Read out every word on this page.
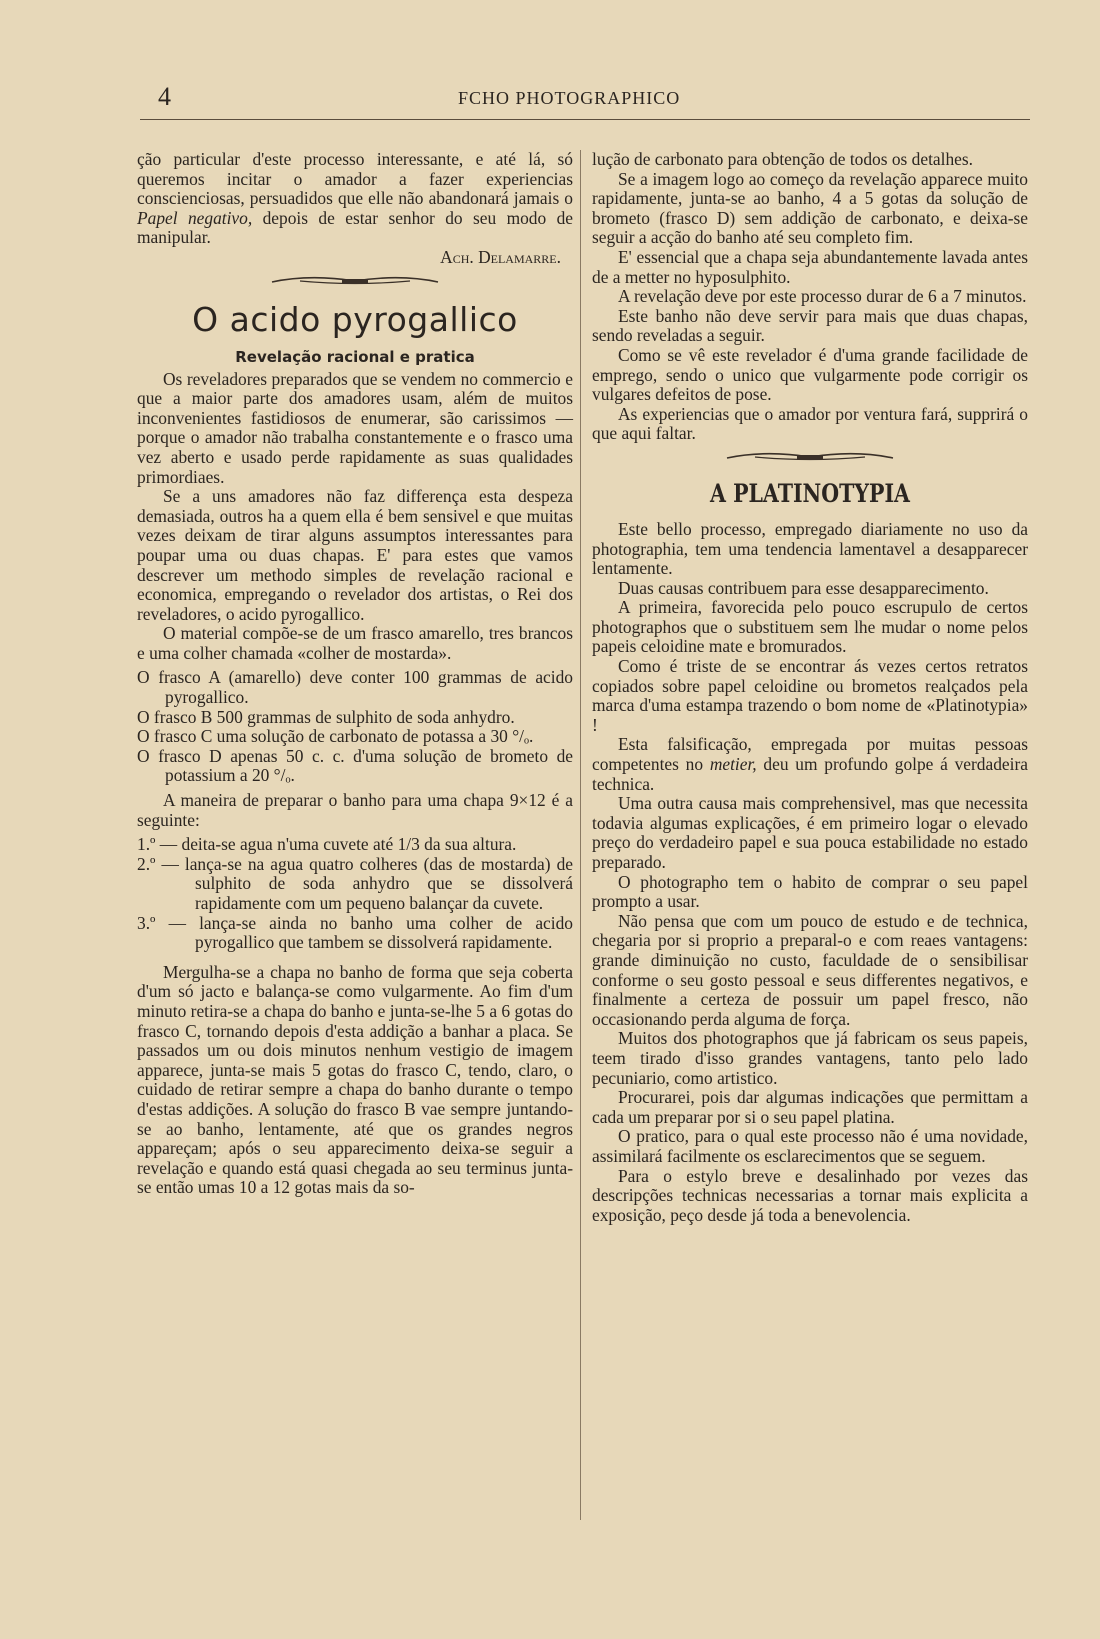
4	FCHO PHOTOGRAPHICO

ção particular d'este processo interessante, e até lá, só queremos incitar o amador a fazer experiencias conscienciosas, persuadidos que elle não abandonará jamais o Papel negativo, depois de estar senhor do seu modo de manipular.

Ach. Delamarre.

O acido pyrogallico
Revelação racional e pratica

Os reveladores preparados que se vendem no commercio e que a maior parte dos amadores usam, além de muitos inconvenientes fastidiosos de enumerar, são carissimos — porque o amador não trabalha constantemente e o frasco uma vez aberto e usado perde rapidamente as suas qualidades primordiaes.

Se a uns amadores não faz differença esta despeza demasiada, outros ha a quem ella é bem sensivel e que muitas vezes deixam de tirar alguns assumptos interessantes para poupar uma ou duas chapas. E' para estes que vamos descrever um methodo simples de revelação racional e economica, empregando o revelador dos artistas, o Rei dos reveladores, o acido pyrogallico.

O material compõe-se de um frasco amarello, tres brancos e uma colher chamada «colher de mostarda».

O frasco A (amarello) deve conter 100 grammas de acido pyrogallico.

O frasco B 500 grammas de sulphito de soda anhydro.

O frasco C uma solução de carbonato de potassa a 30 °/ₒ.

O frasco D apenas 50 c. c. d'uma solução de brometo de potassium a 20 °/ₒ.

A maneira de preparar o banho para uma chapa 9×12 é a seguinte:

1.º — deita-se agua n'uma cuvete até 1/3 da sua altura.

2.º — lança-se na agua quatro colheres (das de mostarda) de sulphito de soda anhydro que se dissolverá rapidamente com um pequeno balançar da cuvete.

3.º — lança-se ainda no banho uma colher de acido pyrogallico que tambem se dissolverá rapidamente.

Mergulha-se a chapa no banho de forma que seja coberta d'um só jacto e balança-se como vulgarmente. Ao fim d'um minuto retira-se a chapa do banho e junta-se-lhe 5 a 6 gotas do frasco C, tornando depois d'esta addição a banhar a placa. Se passados um ou dois minutos nenhum vestigio de imagem apparece, junta-se mais 5 gotas do frasco C, tendo, claro, o cuidado de retirar sempre a chapa do banho durante o tempo d'estas addições. A solução do frasco B vae sempre juntando-se ao banho, lentamente, até que os grandes negros appareçam; após o seu apparecimento deixa-se seguir a revelação e quando está quasi chegada ao seu terminus junta-se então umas 10 a 12 gotas mais da so-

lução de carbonato para obtenção de todos os detalhes.

Se a imagem logo ao começo da revelação apparece muito rapidamente, junta-se ao banho, 4 a 5 gotas da solução de brometo (frasco D) sem addição de carbonato, e deixa-se seguir a acção do banho até seu completo fim.

E' essencial que a chapa seja abundantemente lavada antes de a metter no hyposulphito.

A revelação deve por este processo durar de 6 a 7 minutos.

Este banho não deve servir para mais que duas chapas, sendo reveladas a seguir.

Como se vê este revelador é d'uma grande facilidade de emprego, sendo o unico que vulgarmente pode corrigir os vulgares defeitos de pose.

As experiencias que o amador por ventura fará, supprirá o que aqui faltar.

A PLATINOTYPIA

Este bello processo, empregado diariamente no uso da photographia, tem uma tendencia lamentavel a desapparecer lentamente.

Duas causas contribuem para esse desapparecimento.

A primeira, favorecida pelo pouco escrupulo de certos photographos que o substituem sem lhe mudar o nome pelos papeis celoidine mate e bromurados.

Como é triste de se encontrar ás vezes certos retratos copiados sobre papel celoidine ou brometos realçados pela marca d'uma estampa trazendo o bom nome de «Platinotypia» !

Esta falsificação, empregada por muitas pessoas competentes no metier, deu um profundo golpe á verdadeira technica.

Uma outra causa mais comprehensivel, mas que necessita todavia algumas explicações, é em primeiro logar o elevado preço do verdadeiro papel e sua pouca estabilidade no estado preparado.

O photographo tem o habito de comprar o seu papel prompto a usar.

Não pensa que com um pouco de estudo e de technica, chegaria por si proprio a preparal-o e com reaes vantagens: grande diminuição no custo, faculdade de o sensibilisar conforme o seu gosto pessoal e seus differentes negativos, e finalmente a certeza de possuir um papel fresco, não occasionando perda alguma de força.

Muitos dos photographos que já fabricam os seus papeis, teem tirado d'isso grandes vantagens, tanto pelo lado pecuniario, como artistico.

Procurarei, pois dar algumas indicações que permittam a cada um preparar por si o seu papel platina.

O pratico, para o qual este processo não é uma novidade, assimilará facilmente os esclarecimentos que se seguem.

Para o estylo breve e desalinhado por vezes das descripções technicas necessarias a tornar mais explicita a exposição, peço desde já toda a benevolencia.
